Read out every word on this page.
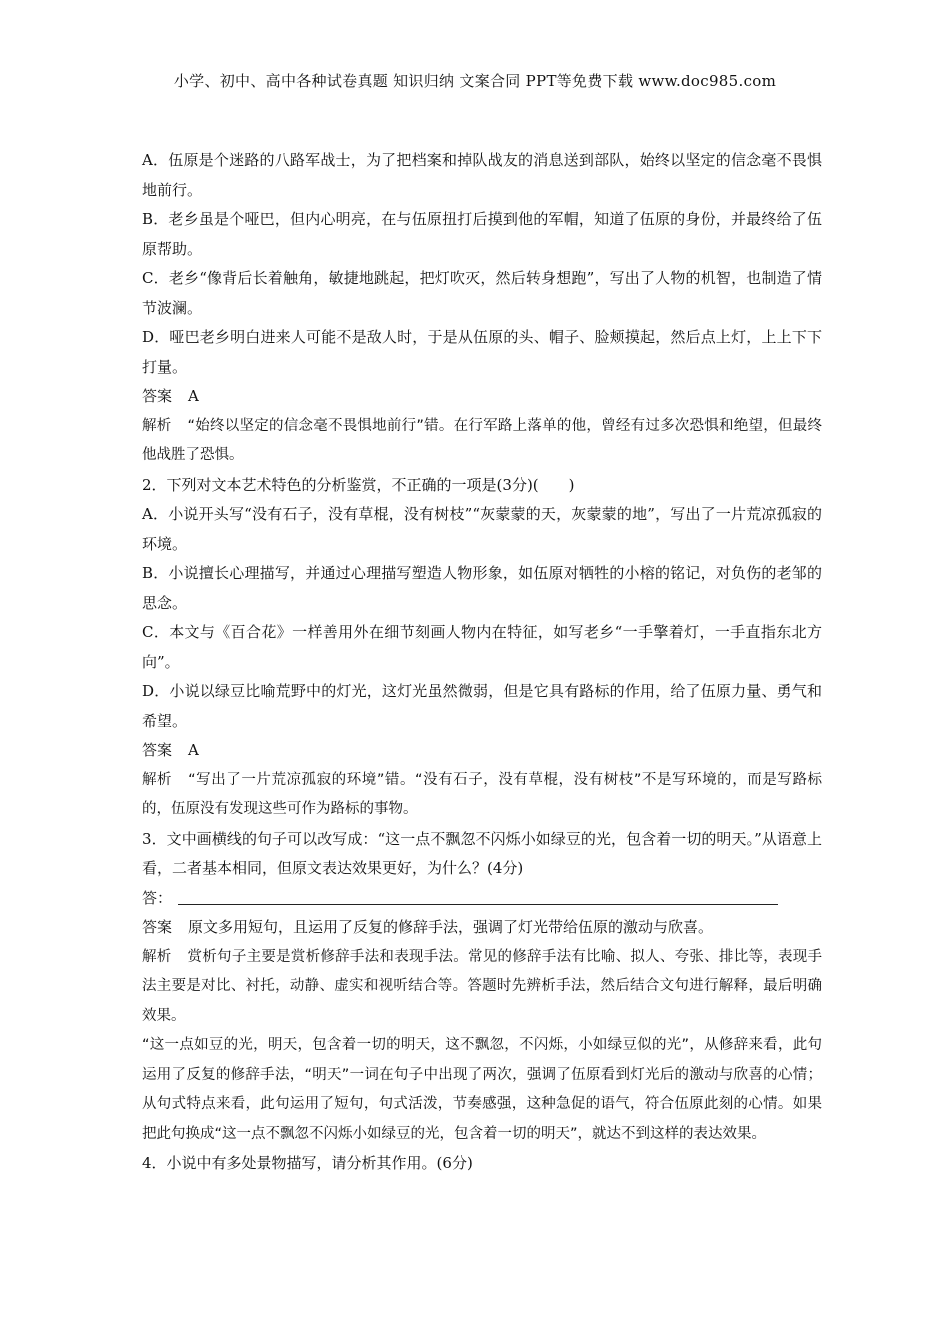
小学、初中、高中各种试卷真题 知识归纳 文案合同 PPT等免费下载 www.doc985.com

A．伍原是个迷路的八路军战士，为了把档案和掉队战友的消息送到部队，始终以坚定的信念毫不畏惧地前行。

B．老乡虽是个哑巴，但内心明亮，在与伍原扭打后摸到他的军帽，知道了伍原的身份，并最终给了伍原帮助。

C．老乡“像背后长着触角，敏捷地跳起，把灯吹灭，然后转身想跑”，写出了人物的机智，也制造了情节波澜。

D．哑巴老乡明白进来人可能不是敌人时，于是从伍原的头、帽子、脸颊摸起，然后点上灯，上上下下打量。

答案 A

解析 “始终以坚定的信念毫不畏惧地前行”错。在行军路上落单的他，曾经有过多次恐惧和绝望，但最终他战胜了恐惧。

2．下列对文本艺术特色的分析鉴赏，不正确的一项是(3分)(　　)

A．小说开头写“没有石子，没有草棍，没有树枝”“灰蒙蒙的天，灰蒙蒙的地”，写出了一片荒凉孤寂的环境。

B．小说擅长心理描写，并通过心理描写塑造人物形象，如伍原对牺牲的小榕的铭记，对负伤的老邹的思念。

C．本文与《百合花》一样善用外在细节刻画人物内在特征，如写老乡“一手擎着灯，一手直指东北方向”。

D．小说以绿豆比喻荒野中的灯光，这灯光虽然微弱，但是它具有路标的作用，给了伍原力量、勇气和希望。

答案 A

解析 “写出了一片荒凉孤寂的环境”错。“没有石子，没有草棍，没有树枝”不是写环境的，而是写路标的，伍原没有发现这些可作为路标的事物。

3．文中画横线的句子可以改写成：“这一点不飘忽不闪烁小如绿豆的光，包含着一切的明天。”从语意上看，二者基本相同，但原文表达效果更好，为什么？(4分)

答：

答案 原文多用短句，且运用了反复的修辞手法，强调了灯光带给伍原的激动与欣喜。

解析 赏析句子主要是赏析修辞手法和表现手法。常见的修辞手法有比喻、拟人、夸张、排比等，表现手法主要是对比、衬托，动静、虚实和视听结合等。答题时先辨析手法，然后结合文句进行解释，最后明确效果。

“这一点如豆的光，明天，包含着一切的明天，这不飘忽，不闪烁，小如绿豆似的光”，从修辞来看，此句运用了反复的修辞手法，“明天”一词在句子中出现了两次，强调了伍原看到灯光后的激动与欣喜的心情；从句式特点来看，此句运用了短句，句式活泼，节奏感强，这种急促的语气，符合伍原此刻的心情。如果把此句换成“这一点不飘忽不闪烁小如绿豆的光，包含着一切的明天”，就达不到这样的表达效果。

4．小说中有多处景物描写，请分析其作用。(6分)
